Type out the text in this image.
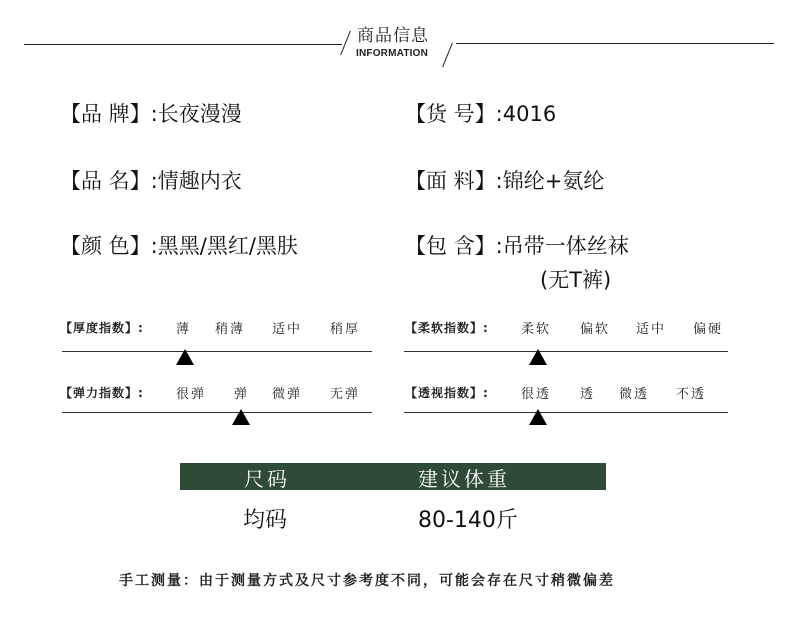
商品信息
INFORMATION
【品 牌】:长夜漫漫	【货 号】:4016
【品 名】:情趣内衣	【面 料】:锦纶+氨纶
【颜 色】:黑黑/黑红/黑肤	【包 含】:吊带一体丝袜
(无T裤)
【厚度指数】: 薄 稍薄 适中 稍厚	【柔软指数】: 柔软 偏软 适中 偏硬
【弹力指数】: 很弹 弹 微弹 无弹	【透视指数】: 很透 透 微透 不透
尺码	建议体重
均码	80-140斤
手工测量：由于测量方式及尺寸参考度不同，可能会存在尺寸稍微偏差
